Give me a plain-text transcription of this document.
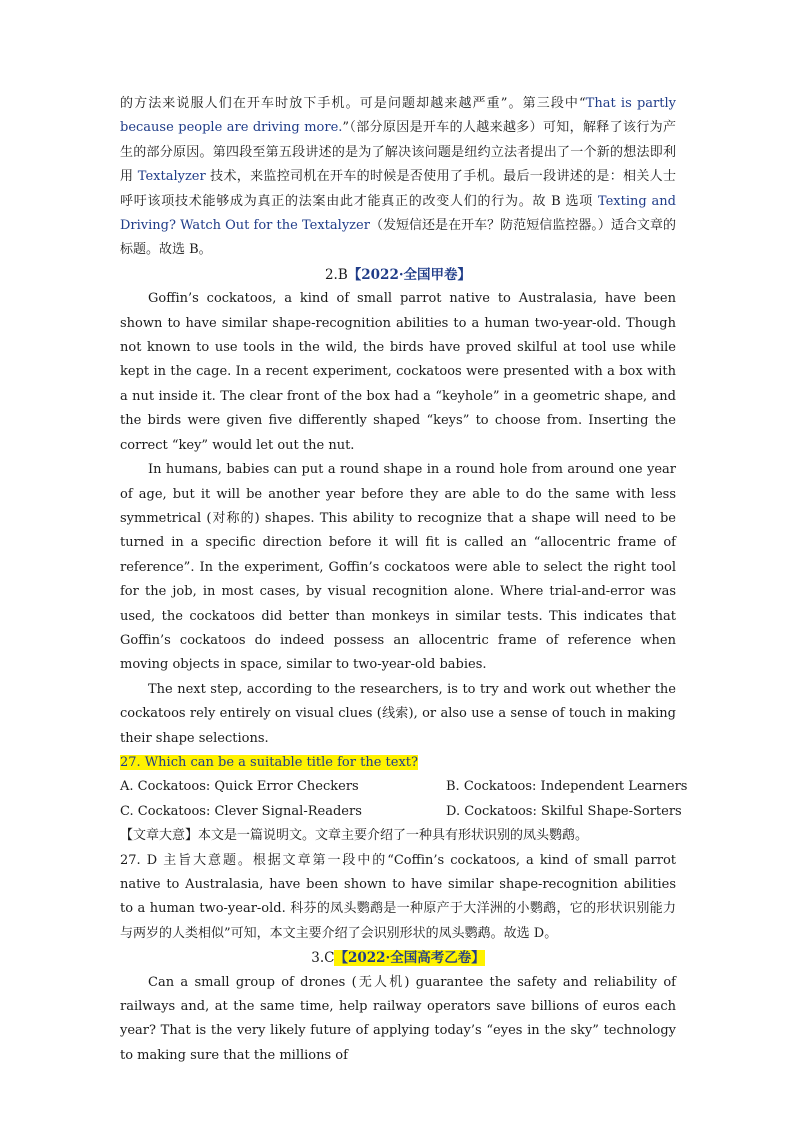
的方法来说服人们在开车时放下手机。可是问题却越来越严重”。第三段中“That is partly because people are driving more.”（部分原因是开车的人越来越多）可知，解释了该行为产生的部分原因。第四段至第五段讲述的是为了解决该问题是纽约立法者提出了一个新的想法即利用 Textalyzer 技术，来监控司机在开车的时候是否使用了手机。最后一段讲述的是：相关人士呼吁该项技术能够成为真正的法案由此才能真正的改变人们的行为。故 B 选项 Texting and Driving? Watch Out for the Textalyzer（发短信还是在开车？防范短信监控器。）适合文章的标题。故选 B。

2.B【2022·全国甲卷】

Goffin’s cockatoos, a kind of small parrot native to Australasia, have been shown to have similar shape-recognition abilities to a human two-year-old. Though not known to use tools in the wild, the birds have proved skilful at tool use while kept in the cage. In a recent experiment, cockatoos were presented with a box with a nut inside it. The clear front of the box had a “keyhole” in a geometric shape, and the birds were given five differently shaped “keys” to choose from. Inserting the correct “key” would let out the nut.

In humans, babies can put a round shape in a round hole from around one year of age, but it will be another year before they are able to do the same with less symmetrical (对称的) shapes. This ability to recognize that a shape will need to be turned in a specific direction before it will fit is called an “allocentric frame of reference”. In the experiment, Goffin’s cockatoos were able to select the right tool for the job, in most cases, by visual recognition alone. Where trial-and-error was used, the cockatoos did better than monkeys in similar tests. This indicates that Goffin’s cockatoos do indeed possess an allocentric frame of reference when moving objects in space, similar to two-year-old babies.

The next step, according to the researchers, is to try and work out whether the cockatoos rely entirely on visual clues (线索), or also use a sense of touch in making their shape selections.

27. Which can be a suitable title for the text?

A. Cockatoos: Quick Error Checkers	B. Cockatoos: Independent Learners
C. Cockatoos: Clever Signal-Readers	D. Cockatoos: Skilful Shape-Sorters

【文章大意】本文是一篇说明文。文章主要介绍了一种具有形状识别的凤头鹦鹉。

27. D 主旨大意题。根据文章第一段中的“Coffin’s cockatoos, a kind of small parrot native to Australasia, have been shown to have similar shape-recognition abilities to a human two-year-old. 科芬的凤头鹦鹉是一种原产于大洋洲的小鹦鹉，它的形状识别能力与两岁的人类相似”可知，本文主要介绍了会识别形状的凤头鹦鹉。故选 D。

3.C【2022·全国高考乙卷】

Can a small group of drones (无人机) guarantee the safety and reliability of railways and, at the same time, help railway operators save billions of euros each year? That is the very likely future of applying today’s “eyes in the sky” technology to making sure that the millions of
